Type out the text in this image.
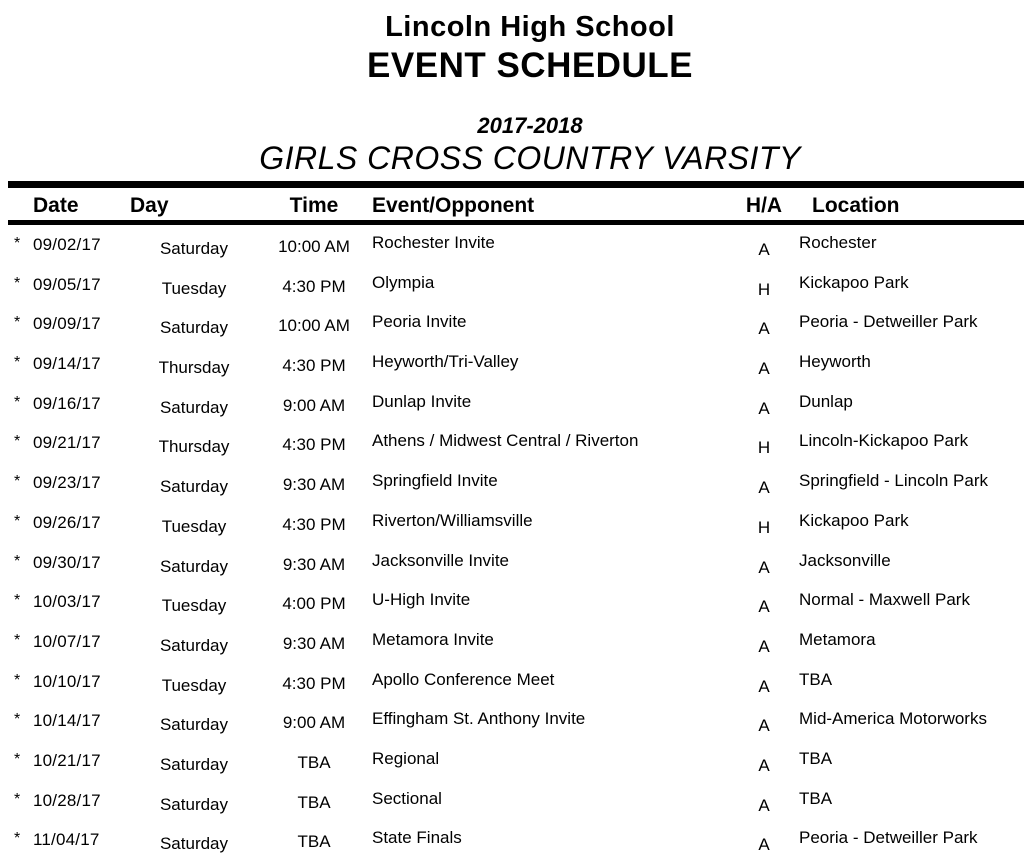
Lincoln High School
EVENT SCHEDULE
2017-2018
GIRLS CROSS COUNTRY VARSITY
Date	Day	Time	Event/Opponent	H/A	Location
* 09/02/17	Saturday	10:00 AM	Rochester Invite	A	Rochester
* 09/05/17	Tuesday	4:30 PM	Olympia	H	Kickapoo Park
* 09/09/17	Saturday	10:00 AM	Peoria Invite	A	Peoria - Detweiller Park
* 09/14/17	Thursday	4:30 PM	Heyworth/Tri-Valley	A	Heyworth
* 09/16/17	Saturday	9:00 AM	Dunlap Invite	A	Dunlap
* 09/21/17	Thursday	4:30 PM	Athens / Midwest Central / Riverton	H	Lincoln-Kickapoo Park
* 09/23/17	Saturday	9:30 AM	Springfield Invite	A	Springfield - Lincoln Park
* 09/26/17	Tuesday	4:30 PM	Riverton/Williamsville	H	Kickapoo Park
* 09/30/17	Saturday	9:30 AM	Jacksonville Invite	A	Jacksonville
* 10/03/17	Tuesday	4:00 PM	U-High Invite	A	Normal - Maxwell Park
* 10/07/17	Saturday	9:30 AM	Metamora Invite	A	Metamora
* 10/10/17	Tuesday	4:30 PM	Apollo Conference Meet	A	TBA
* 10/14/17	Saturday	9:00 AM	Effingham St. Anthony Invite	A	Mid-America Motorworks
* 10/21/17	Saturday	TBA	Regional	A	TBA
* 10/28/17	Saturday	TBA	Sectional	A	TBA
* 11/04/17	Saturday	TBA	State Finals	A	Peoria - Detweiller Park
